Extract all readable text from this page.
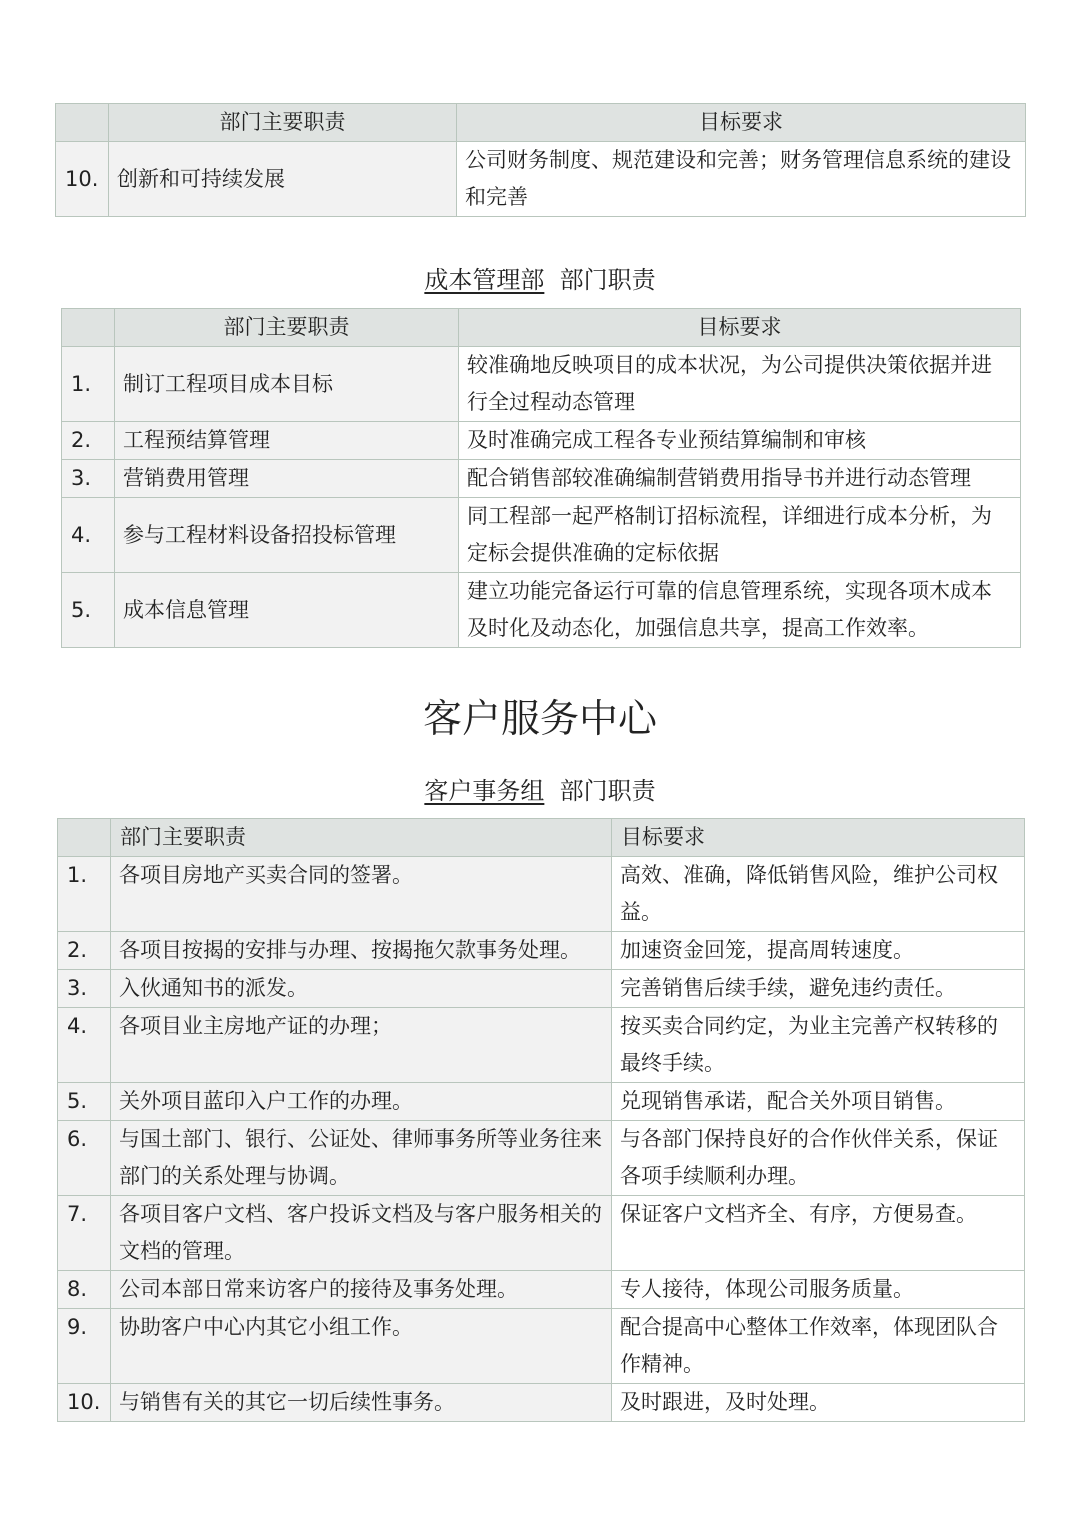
	部门主要职责	目标要求
10.	创新和可持续发展	公司财务制度、规范建设和完善；财务管理信息系统的建设和完善
成本管理部 部门职责
	部门主要职责	目标要求
1.	制订工程项目成本目标	较准确地反映项目的成本状况，为公司提供决策依据并进行全过程动态管理
2.	工程预结算管理	及时准确完成工程各专业预结算编制和审核
3.	营销费用管理	配合销售部较准确编制营销费用指导书并进行动态管理
4.	参与工程材料设备招投标管理	同工程部一起严格制订招标流程，详细进行成本分析，为定标会提供准确的定标依据
5.	成本信息管理	建立功能完备运行可靠的信息管理系统，实现各项木成本及时化及动态化，加强信息共享，提高工作效率。
客户服务中心
客户事务组 部门职责
	部门主要职责	目标要求
1.	各项目房地产买卖合同的签署。	高效、准确，降低销售风险，维护公司权益。
2.	各项目按揭的安排与办理、按揭拖欠款事务处理。	加速资金回笼，提高周转速度。
3.	入伙通知书的派发。	完善销售后续手续，避免违约责任。
4.	各项目业主房地产证的办理；	按买卖合同约定，为业主完善产权转移的最终手续。
5.	关外项目蓝印入户工作的办理。	兑现销售承诺，配合关外项目销售。
6.	与国土部门、银行、公证处、律师事务所等业务往来部门的关系处理与协调。	与各部门保持良好的合作伙伴关系，保证各项手续顺利办理。
7.	各项目客户文档、客户投诉文档及与客户服务相关的文档的管理。	保证客户文档齐全、有序，方便易查。
8.	公司本部日常来访客户的接待及事务处理。	专人接待，体现公司服务质量。
9.	协助客户中心内其它小组工作。	配合提高中心整体工作效率，体现团队合作精神。
10.	与销售有关的其它一切后续性事务。	及时跟进，及时处理。
